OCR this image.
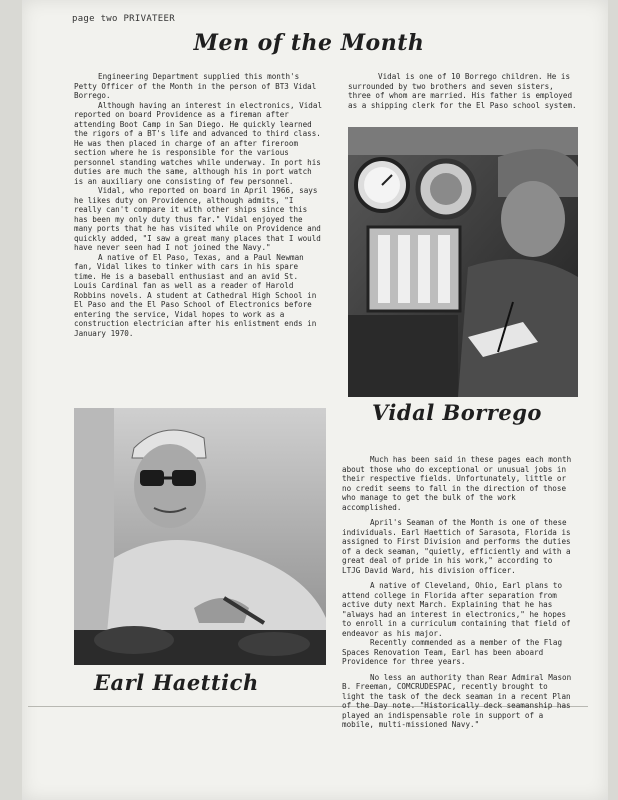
page two PRIVATEER
Men of the Month

Engineering Department supplied this month's Petty Officer of the Month in the person of BT3 Vidal Borrego.

Although having an interest in electronics, Vidal reported on board Providence as a fireman after attending Boot Camp in San Diego. He quickly learned the rigors of a BT's life and advanced to third class. He was then placed in charge of an after fireroom section where he is responsible for the various personnel standing watches while underway. In port his duties are much the same, although his in port watch is an auxiliary one consisting of few personnel.

Vidal, who reported on board in April 1966, says he likes duty on Providence, although admits, "I really can't compare it with other ships since this has been my only duty thus far." Vidal enjoyed the many ports that he has visited while on Providence and quickly added, "I saw a great many places that I would have never seen had I not joined the Navy."

A native of El Paso, Texas, and a Paul Newman fan, Vidal likes to tinker with cars in his spare time. He is a baseball enthusiast and an avid St. Louis Cardinal fan as well as a reader of Harold Robbins novels. A student at Cathedral High School in El Paso and the El Paso School of Electronics before entering the service, Vidal hopes to work as a construction electrician after his enlistment ends in January 1970.

Vidal is one of 10 Borrego children. He is surrounded by two brothers and seven sisters, three of whom are married. His father is employed as a shipping clerk for the El Paso school system.

Vidal Borrego
Earl Haettich

Much has been said in these pages each month about those who do exceptional or unusual jobs in their respective fields. Unfortunately, little or no credit seems to fall in the direction of those who manage to get the bulk of the work accomplished.

April's Seaman of the Month is one of these individuals. Earl Haettich of Sarasota, Florida is assigned to First Division and performs the duties of a deck seaman, "quietly, efficiently and with a great deal of pride in his work," according to LTJG David Ward, his division officer.

A native of Cleveland, Ohio, Earl plans to attend college in Florida after separation from active duty next March. Explaining that he has "always had an interest in electronics," he hopes to enroll in a curriculum containing that field of endeavor as his major.

Recently commended as a member of the Flag Spaces Renovation Team, Earl has been aboard Providence for three years.

No less an authority than Rear Admiral Mason B. Freeman, COMCRUDESPAC, recently brought to light the task of the deck seaman in a recent Plan of the Day note. "Historically deck seamanship has played an indispensable role in support of a mobile, multi-missioned Navy."
